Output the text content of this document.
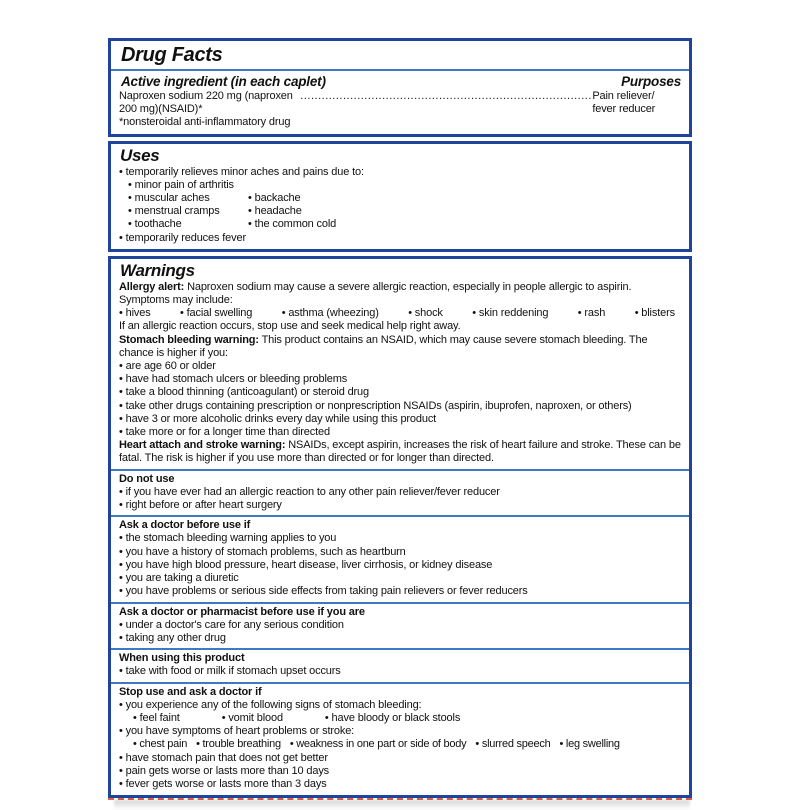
Drug Facts
Active ingredient (in each caplet)	Purposes
Naproxen sodium 220 mg (naproxen 200 mg)(NSAID)*
.....
Pain reliever/ fever reducer
*nonsteroidal anti-inflammatory drug
Uses
• temporarily relieves minor aches and pains due to:
• minor pain of arthritis
• muscular aches	• backache
• menstrual cramps	• headache
• toothache	• the common cold
• temporarily reduces fever
Warnings
Allergy alert: Naproxen sodium may cause a severe allergic reaction, especially in people allergic to aspirin. Symptoms may include:
• hives	• facial swelling	• asthma (wheezing)	• shock	• skin reddening	• rash	• blisters
If an allergic reaction occurs, stop use and seek medical help right away.
Stomach bleeding warning: This product contains an NSAID, which may cause severe stomach bleeding. The chance is higher if you:
• are age 60 or older
• have had stomach ulcers or bleeding problems
• take a blood thinning (anticoagulant) or steroid drug
• take other drugs containing prescription or nonprescription NSAIDs (aspirin, ibuprofen, naproxen, or others)
• have 3 or more alcoholic drinks every day while using this product
• take more or for a longer time than directed
Heart attach and stroke warning: NSAIDs, except aspirin, increases the risk of heart failure and stroke. These can be fatal. The risk is higher if you use more than directed or for longer than directed.
Do not use
• if you have ever had an allergic reaction to any other pain reliever/fever reducer
• right before or after heart surgery
Ask a doctor before use if
• the stomach bleeding warning applies to you
• you have a history of stomach problems, such as heartburn
• you have high blood pressure, heart disease, liver cirrhosis, or kidney disease
• you are taking a diuretic
• you have problems or serious side effects from taking pain relievers or fever reducers
Ask a doctor or pharmacist before use if you are
• under a doctor's care for any serious condition
• taking any other drug
When using this product
• take with food or milk if stomach upset occurs
Stop use and ask a doctor if
• you experience any of the following signs of stomach bleeding:
• feel faint	• vomit blood	• have bloody or black stools
• you have symptoms of heart problems or stroke:
• chest pain	• trouble breathing	• weakness in one part or side of body	• slurred speech	• leg swelling
• have stomach pain that does not get better
• pain gets worse or lasts more than 10 days
• fever gets worse or lasts more than 3 days
